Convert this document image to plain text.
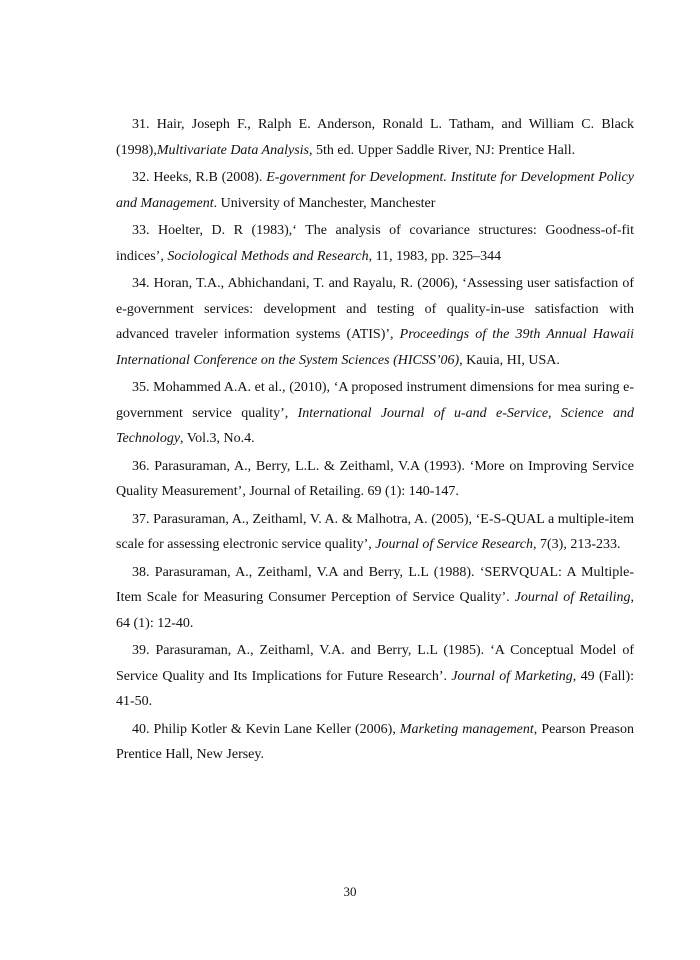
31. Hair, Joseph F., Ralph E. Anderson, Ronald L. Tatham, and William C. Black (1998),Multivariate Data Analysis, 5th ed. Upper Saddle River, NJ: Prentice Hall.

32. Heeks, R.B (2008). E-government for Development. Institute for Development Policy and Management. University of Manchester, Manchester

33. Hoelter, D. R (1983),‘ The analysis of covariance structures: Goodness-of-fit indices’, Sociological Methods and Research, 11, 1983, pp. 325–344

34. Horan, T.A., Abhichandani, T. and Rayalu, R. (2006), ‘Assessing user satisfaction of e-government services: development and testing of quality-in-use satisfaction with advanced traveler information systems (ATIS)’, Proceedings of the 39th Annual Hawaii International Conference on the System Sciences (HICSS’06), Kauia, HI, USA.

35. Mohammed A.A. et al., (2010), ‘A proposed instrument dimensions for mea suring e-government service quality’, International Journal of u-and e-Service, Science and Technology, Vol.3, No.4.

36. Parasuraman, A., Berry, L.L. & Zeithaml, V.A (1993). ‘More on Improving Service Quality Measurement’, Journal of Retailing. 69 (1): 140-147.

37. Parasuraman, A., Zeithaml, V. A. & Malhotra, A. (2005), ‘E-S-QUAL a multiple-item scale for assessing electronic service quality’, Journal of Service Research, 7(3), 213-233.

38. Parasuraman, A., Zeithaml, V.A and Berry, L.L (1988). ‘SERVQUAL: A Multiple-Item Scale for Measuring Consumer Perception of Service Quality’. Journal of Retailing, 64 (1): 12-40.

39. Parasuraman, A., Zeithaml, V.A. and Berry, L.L (1985). ‘A Conceptual Model of Service Quality and Its Implications for Future Research’. Journal of Marketing, 49 (Fall): 41-50.

40. Philip Kotler & Kevin Lane Keller (2006), Marketing management, Pearson Preason Prentice Hall, New Jersey.

30
